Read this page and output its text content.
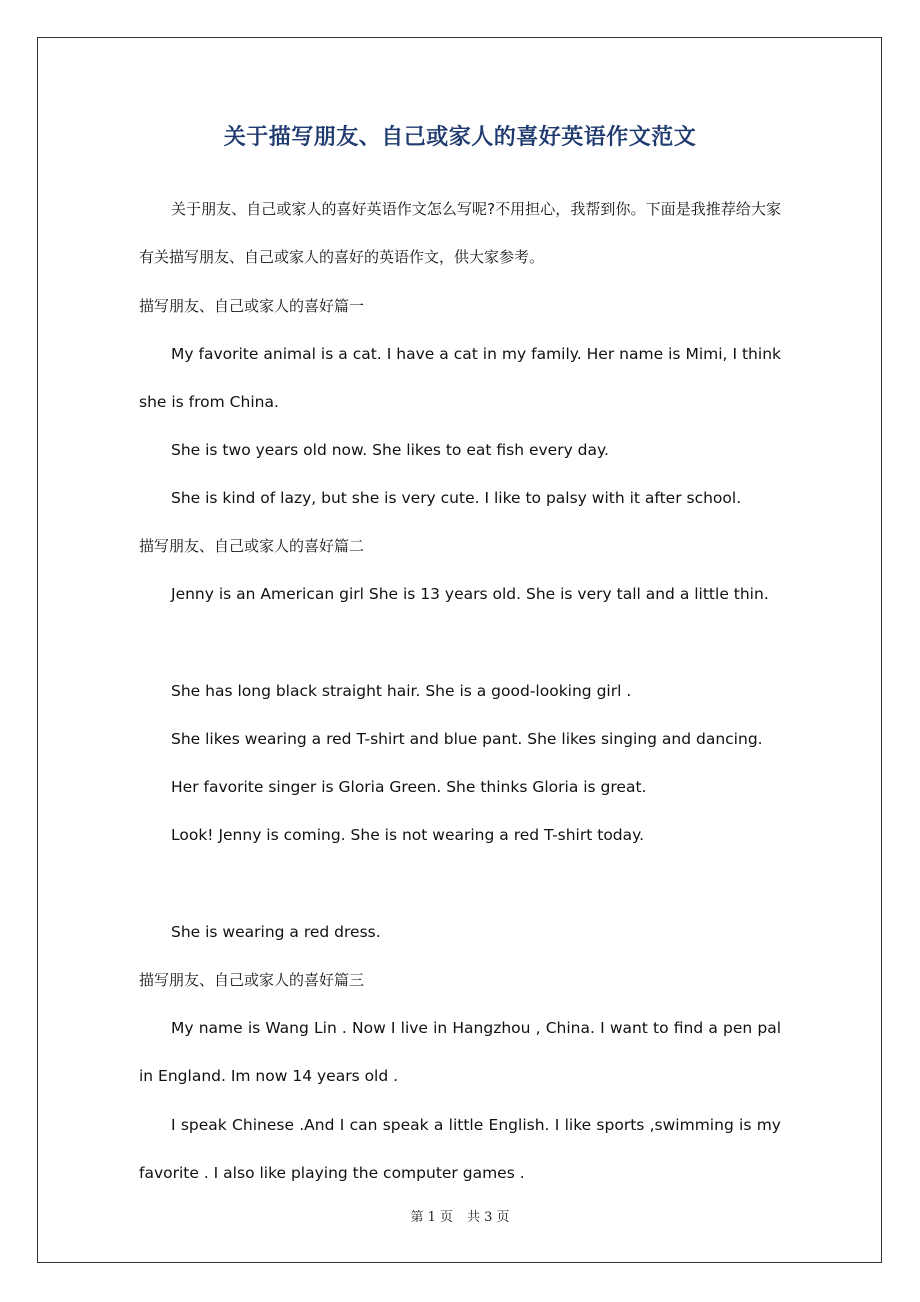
关于描写朋友、自己或家人的喜好英语作文范文

关于朋友、自己或家人的喜好英语作文怎么写呢?不用担心，我帮到你。下面是我推荐给大家有关描写朋友、自己或家人的喜好的英语作文，供大家参考。

描写朋友、自己或家人的喜好篇一

My favorite animal is a cat. I have a cat in my family. Her name is Mimi, I think she is from China.

She is two years old now. She likes to eat fish every day.

She is kind of lazy, but she is very cute. I like to palsy with it after school.

描写朋友、自己或家人的喜好篇二

Jenny is an American girl She is 13 years old. She is very tall and a little thin.

She has long black straight hair. She is a good-looking girl .

She likes wearing a red T-shirt and blue pant. She likes singing and dancing.

Her favorite singer is Gloria Green. She thinks Gloria is great.

Look! Jenny is coming. She is not wearing a red T-shirt today.

She is wearing a red dress.

描写朋友、自己或家人的喜好篇三

My name is Wang Lin . Now I live in Hangzhou , China. I want to find a pen pal in England. Im now 14 years old .

I speak Chinese .And I can speak a little English. I like sports ,swimming is my favorite . I also like playing the computer games .

第 1 页 共 3 页
